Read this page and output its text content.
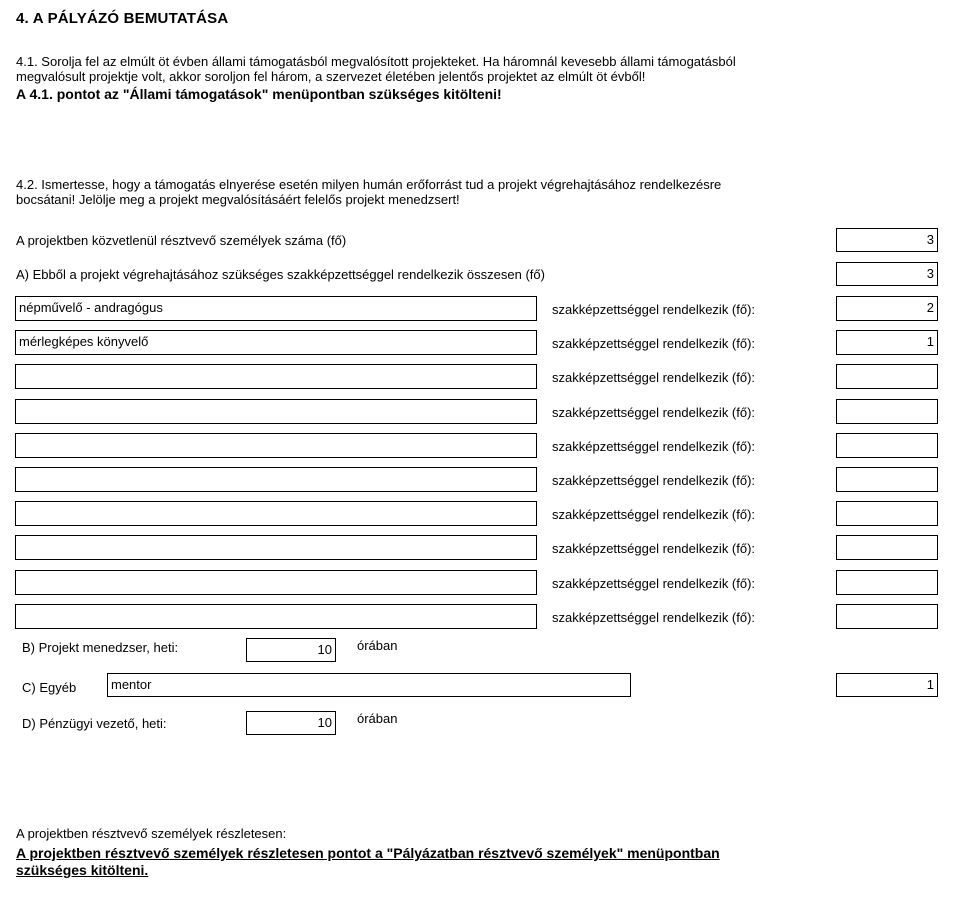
4. A PÁLYÁZÓ BEMUTATÁSA
4.1. Sorolja fel az elmúlt öt évben állami támogatásból megvalósított projekteket. Ha háromnál kevesebb állami támogatásból
megvalósult projektje volt, akkor soroljon fel három, a szervezet életében jelentős projektet az elmúlt öt évből!
A 4.1. pontot az "Állami támogatások" menüpontban szükséges kitölteni!
4.2. Ismertesse, hogy a támogatás elnyerése esetén milyen humán erőforrást tud a projekt végrehajtásához rendelkezésre
bocsátani! Jelölje meg a projekt megvalósításáért felelős projekt menedzsert!
A projektben közvetlenül résztvevő személyek száma (fő)	3
A) Ebből a projekt végrehajtásához szükséges szakképzettséggel rendelkezik összesen (fő)	3
népművelő - andragógus	szakképzettséggel rendelkezik (fő):	2
mérlegképes könyvelő	szakképzettséggel rendelkezik (fő):	1
szakképzettséggel rendelkezik (fő):
szakképzettséggel rendelkezik (fő):
szakképzettséggel rendelkezik (fő):
szakképzettséggel rendelkezik (fő):
szakképzettséggel rendelkezik (fő):
szakképzettséggel rendelkezik (fő):
szakképzettséggel rendelkezik (fő):
szakképzettséggel rendelkezik (fő):
B) Projekt menedzser, heti:	10	órában
C) Egyéb	mentor	1
D) Pénzügyi vezető, heti:	10	órában
A projektben résztvevő személyek részletesen:
A projektben résztvevő személyek részletesen pontot a "Pályázatban résztvevő személyek" menüpontban
szükséges kitölteni.
